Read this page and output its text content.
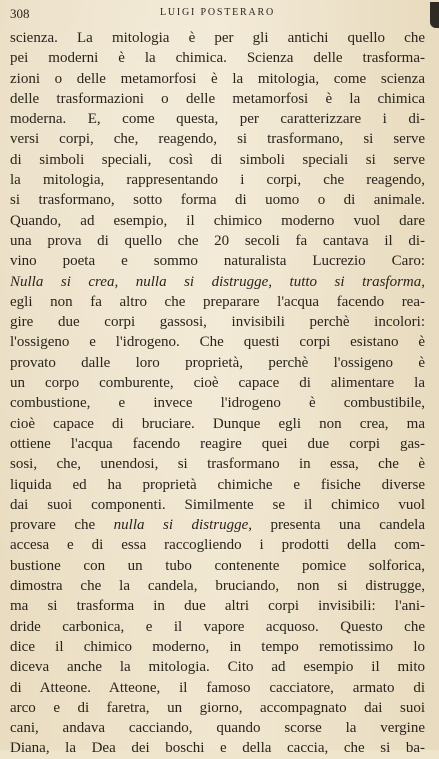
308	LUIGI POSTERARO
scienza. La mitologia è per gli antichi quello che
pei moderni è la chimica. Scienza delle trasforma-
zioni o delle metamorfosi è la mitologia, come scienza
delle trasformazioni o delle metamorfosi è la chimica
moderna. E, come questa, per caratterizzare i di-
versi corpi, che, reagendo, si trasformano, si serve
di simboli speciali, così di simboli speciali si serve
la mitologia, rappresentando i corpi, che reagendo,
si trasformano, sotto forma di uomo o di animale.
Quando, ad esempio, il chimico moderno vuol dare
una prova di quello che 20 secoli fa cantava il di-
vino poeta e sommo naturalista Lucrezio Caro:
Nulla si crea, nulla si distrugge, tutto si trasforma,
egli non fa altro che preparare l'acqua facendo rea-
gire due corpi gassosi, invisibili perchè incolori:
l'ossigeno e l'idrogeno. Che questi corpi esistano è
provato dalle loro proprietà, perchè l'ossigeno è
un corpo comburente, cioè capace di alimentare la
combustione, e invece l'idrogeno è combustibile,
cioè capace di bruciare. Dunque egli non crea, ma
ottiene l'acqua facendo reagire quei due corpi gas-
sosi, che, unendosi, si trasformano in essa, che è
liquida ed ha proprietà chimiche e fisiche diverse
dai suoi componenti. Similmente se il chimico vuol
provare che nulla si distrugge, presenta una candela
accesa e di essa raccogliendo i prodotti della com-
bustione con un tubo contenente pomice solforica,
dimostra che la candela, bruciando, non si distrugge,
ma si trasforma in due altri corpi invisibili: l'ani-
dride carbonica, e il vapore acquoso. Questo che
dice il chimico moderno, in tempo remotissimo lo
diceva anche la mitologia. Cito ad esempio il mito
di Atteone. Atteone, il famoso cacciatore, armato di
arco e di faretra, un giorno, accompagnato dai suoi
cani, andava cacciando, quando scorse la vergine
Diana, la Dea dei boschi e della caccia, che si ba-
